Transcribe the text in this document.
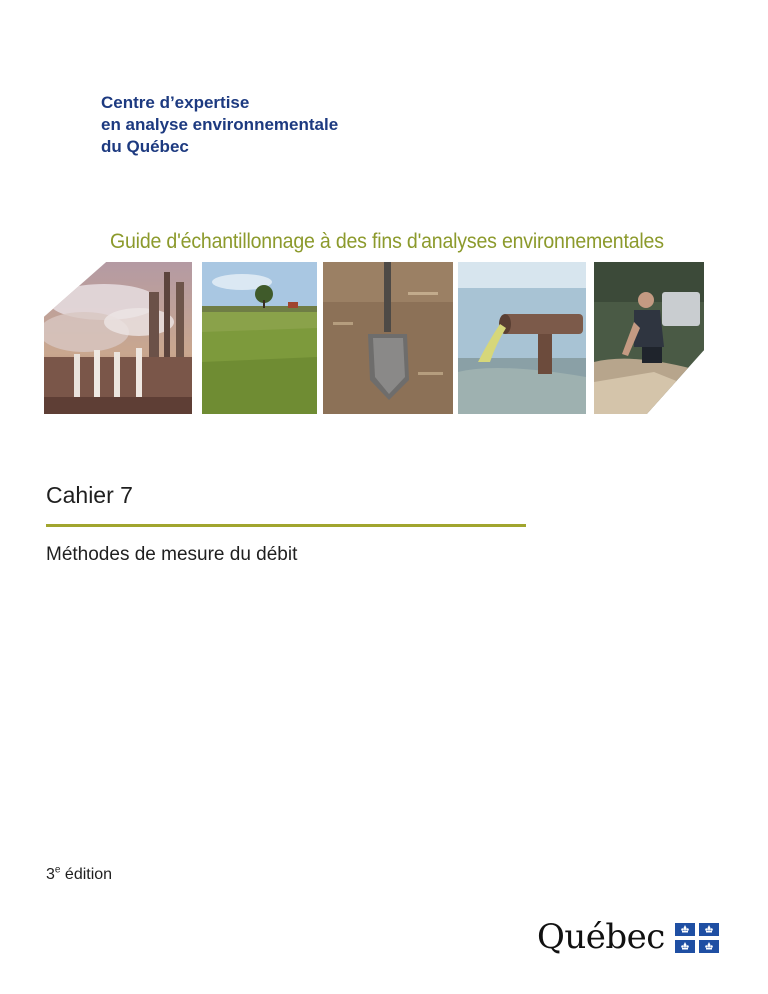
Centre d’expertise
en analyse environnementale
du Québec
Guide d'échantillonnage à des fins d'analyses environnementales
Cahier 7
Méthodes de mesure du débit
3e édition
Québec
